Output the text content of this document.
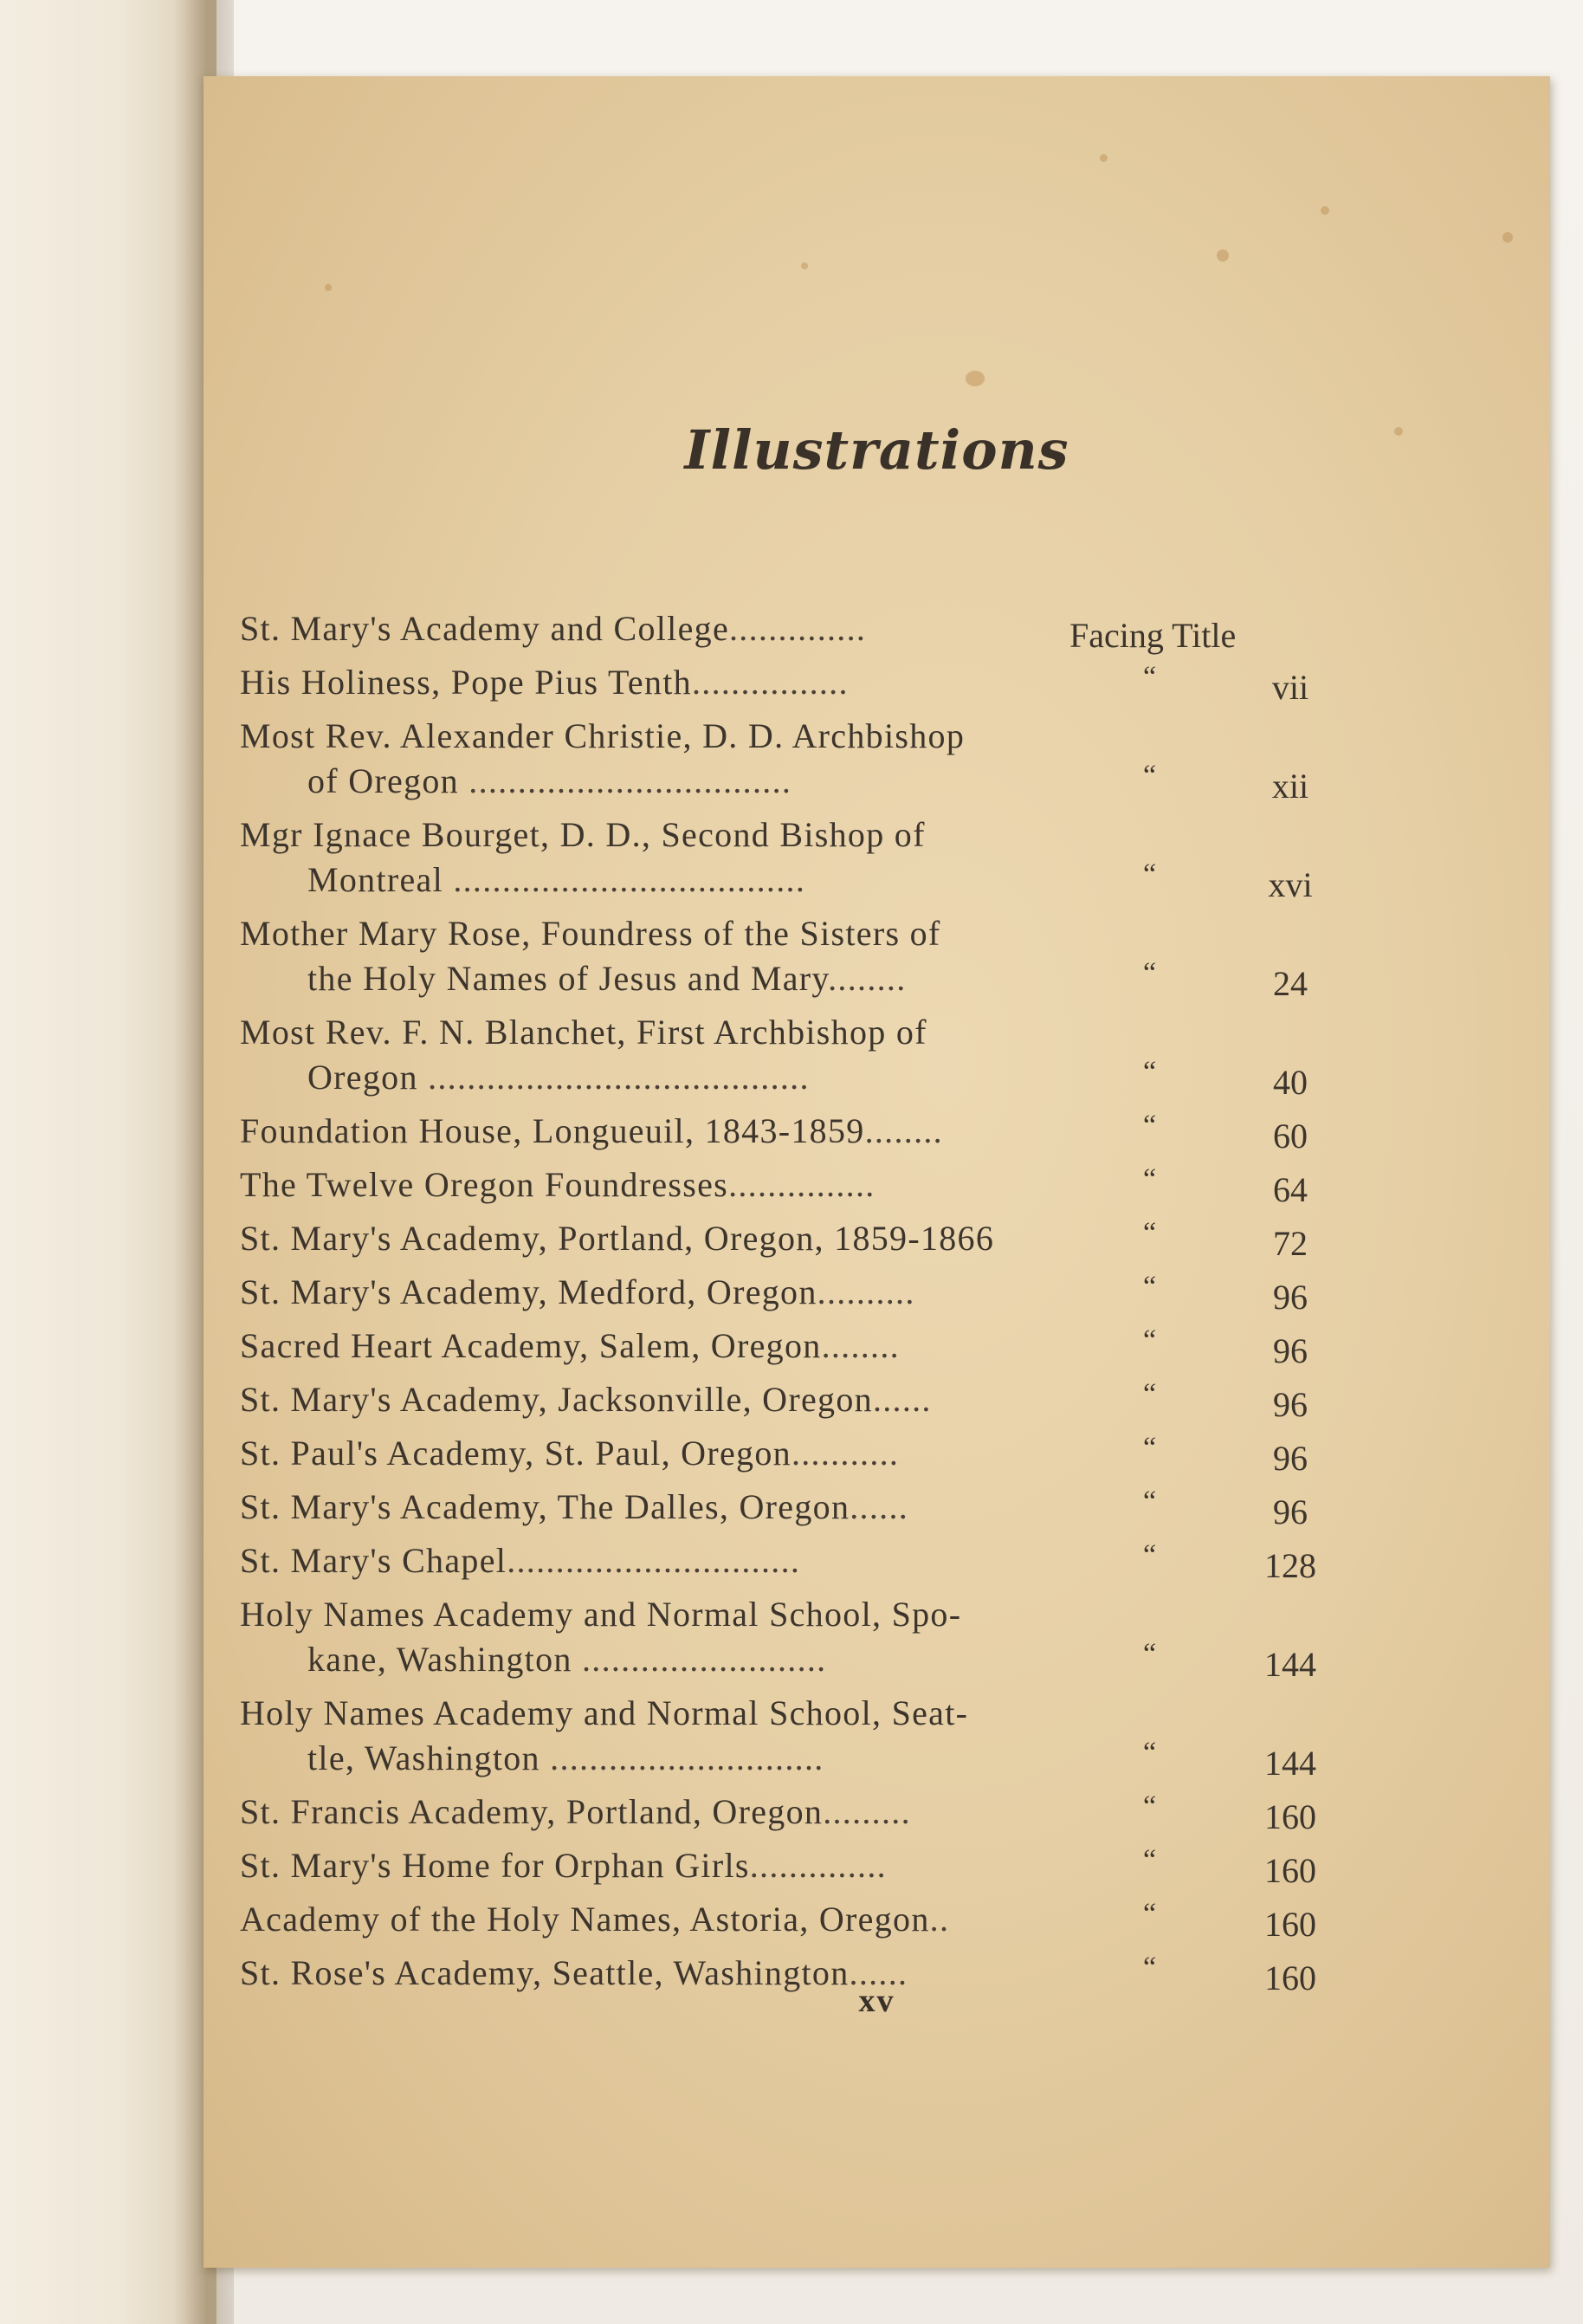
Illustrations
St. Mary's Academy and College..............	Facing Title
His Holiness, Pope Pius Tenth................	“	vii
Most Rev. Alexander Christie, D. D. Archbishop
of Oregon .................................	“	xii
Mgr Ignace Bourget, D. D., Second Bishop of
Montreal ....................................	“	xvi
Mother Mary Rose, Foundress of the Sisters of
the Holy Names of Jesus and Mary........	“	24
Most Rev. F. N. Blanchet, First Archbishop of
Oregon .......................................	“	40
Foundation House, Longueuil, 1843-1859........	“	60
The Twelve Oregon Foundresses...............	“	64
St. Mary's Academy, Portland, Oregon, 1859-1866	“	72
St. Mary's Academy, Medford, Oregon..........	“	96
Sacred Heart Academy, Salem, Oregon........	“	96
St. Mary's Academy, Jacksonville, Oregon......	“	96
St. Paul's Academy, St. Paul, Oregon...........	“	96
St. Mary's Academy, The Dalles, Oregon......	“	96
St. Mary's Chapel..............................	“	128
Holy Names Academy and Normal School, Spo-
kane, Washington .........................	“	144
Holy Names Academy and Normal School, Seat-
tle, Washington ............................	“	144
St. Francis Academy, Portland, Oregon.........	“	160
St. Mary's Home for Orphan Girls..............	“	160
Academy of the Holy Names, Astoria, Oregon..	“	160
St. Rose's Academy, Seattle, Washington......	“	160
xv
